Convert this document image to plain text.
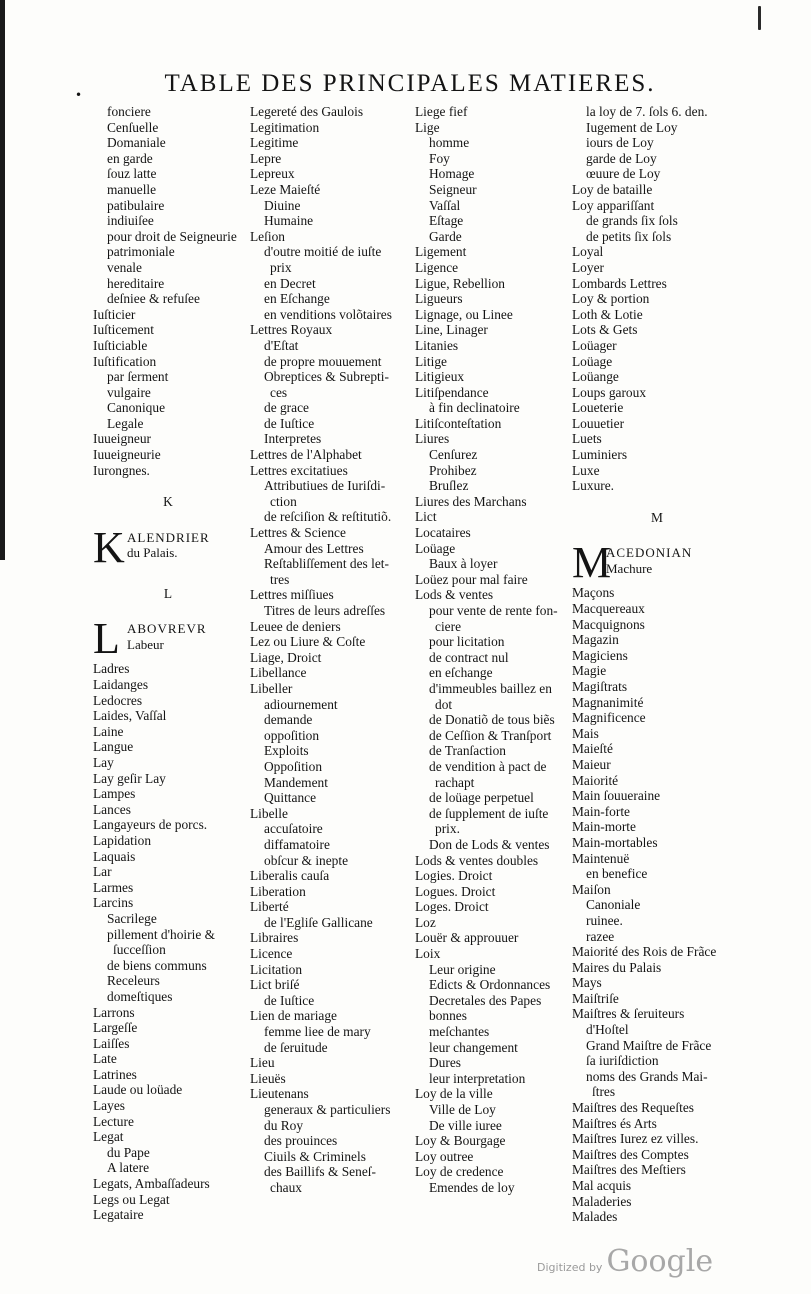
•	TABLE DES PRINCIPALES MATIERES.
fonciere
Cenſuelle
Domaniale
en garde
ſouz latte
manuelle
patibulaire
indiuiſee
pour droit de Seigneurie
patrimoniale
venale
hereditaire
deſniee & refuſee
Iuſticier
Iuſticement
Iuſticiable
Iuſtification
par ſerment
vulgaire
Canonique
Legale
Iuueigneur
Iuueigneurie
Iurongnes.
K
K ALENDRIER
du Palais.
L
L ABOVREVR
Labeur
Ladres
Laidanges
Ledocres
Laides, Vaſſal
Laine
Langue
Lay
Lay geſir Lay
Lampes
Lances
Langayeurs de porcs.
Lapidation
Laquais
Lar
Larmes
Larcins
Sacrilege
pillement d'hoirie &
ſucceſſion
de biens communs
Receleurs
domeſtiques
Larrons
Largeſſe
Laiſſes
Late
Latrines
Laude ou loüade
Layes
Lecture
Legat
du Pape
A latere
Legats, Ambaſſadeurs
Legs ou Legat
Legataire
Legereté des Gaulois
Legitimation
Legitime
Lepre
Lepreux
Leze Maieſté
Diuine
Humaine
Leſion
d'outre moitié de iuſte
prix
en Decret
en Eſchange
en venditions volõtaires
Lettres Royaux
d'Eſtat
de propre mouuement
Obreptices & Subrepti-
ces
de grace
de Iuſtice
Interpretes
Lettres de l'Alphabet
Lettres excitatiues
Attributiues de Iuriſdi-
ction
de reſciſion & reſtitutiõ.
Lettres & Science
Amour des Lettres
Reſtabliſſement des let-
tres
Lettres miſſiues
Titres de leurs adreſſes
Leuee de deniers
Lez ou Liure & Coſte
Liage, Droict
Libellance
Libeller
adiournement
demande
oppoſition
Exploits
Oppoſition
Mandement
Quittance
Libelle
accuſatoire
diffamatoire
obſcur & inepte
Liberalis cauſa
Liberation
Liberté
de l'Egliſe Gallicane
Libraires
Licence
Licitation
Lict briſé
de Iuſtice
Lien de mariage
femme liee de mary
de ſeruitude
Lieu
Lieuës
Lieutenans
generaux & particuliers
du Roy
des prouinces
Ciuils & Criminels
des Baillifs & Seneſ-
chaux
Liege fief
Lige
homme
Foy
Homage
Seigneur
Vaſſal
Eſtage
Garde
Ligement
Ligence
Ligue, Rebellion
Ligueurs
Lignage, ou Linee
Line, Linager
Litanies
Litige
Litigieux
Litiſpendance
à fin declinatoire
Litiſconteſtation
Liures
Cenſurez
Prohibez
Bruſlez
Liures des Marchans
Lict
Locataires
Loüage
Baux à loyer
Loüez pour mal faire
Lods & ventes
pour vente de rente fon-
ciere
pour licitation
de contract nul
en eſchange
d'immeubles baillez en
dot
de Donatiõ de tous biẽs
de Ceſſion & Tranſport
de Tranſaction
de vendition à pact de
rachapt
de loüage perpetuel
de ſupplement de iuſte
prix.
Don de Lods & ventes
Lods & ventes doubles
Logies. Droict
Logues. Droict
Loges. Droict
Loz
Louër & approuuer
Loix
Leur origine
Edicts & Ordonnances
Decretales des Papes
bonnes
meſchantes
leur changement
Dures
leur interpretation
Loy de la ville
Ville de Loy
De ville iuree
Loy & Bourgage
Loy outree
Loy de credence
Emendes de loy
la loy de 7. ſols 6. den.
Iugement de Loy
iours de Loy
garde de Loy
œuure de Loy
Loy de bataille
Loy appariſſant
de grands ſix ſols
de petits ſix ſols
Loyal
Loyer
Lombards Lettres
Loy & portion
Loth & Lotie
Lots & Gets
Loüager
Loüage
Loüange
Loups garoux
Loueterie
Louuetier
Luets
Luminiers
Luxe
Luxure.
M
M
ACEDONIAN
Machure
Maçons
Macquereaux
Macquignons
Magazin
Magiciens
Magie
Magiſtrats
Magnanimité
Magnificence
Mais
Maieſté
Maieur
Maiorité
Main ſouueraine
Main-forte
Main-morte
Main-mortables
Maintenuë
en benefice
Maiſon
Canoniale
ruinee.
razee
Maiorité des Rois de Frãce
Maires du Palais
Mays
Maiſtriſe
Maiſtres & ſeruiteurs
d'Hoſtel
Grand Maiſtre de Frãce
ſa iuriſdiction
noms des Grands Mai-
ſtres
Maiſtres des Requeſtes
Maiſtres és Arts
Maiſtres Iurez ez villes.
Maiſtres des Comptes
Maiſtres des Meſtiers
Mal acquis
Maladeries
Malades
Digitized by Google
